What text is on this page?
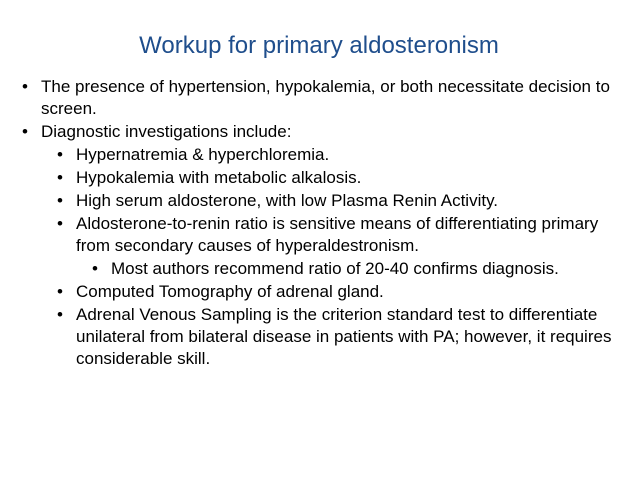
Workup for primary aldosteronism
• The presence of hypertension, hypokalemia, or both necessitate decision to screen.
• Diagnostic investigations include:
• Hypernatremia & hyperchloremia.
• Hypokalemia with metabolic alkalosis.
• High serum aldosterone, with low Plasma Renin Activity.
• Aldosterone-to-renin ratio is sensitive means of differentiating primary from secondary causes of hyperaldestronism.
• Most authors recommend ratio of 20-40 confirms diagnosis.
• Computed Tomography of adrenal gland.
• Adrenal Venous Sampling is the criterion standard test to differentiate unilateral from bilateral disease in patients with PA; however, it requires considerable skill.
